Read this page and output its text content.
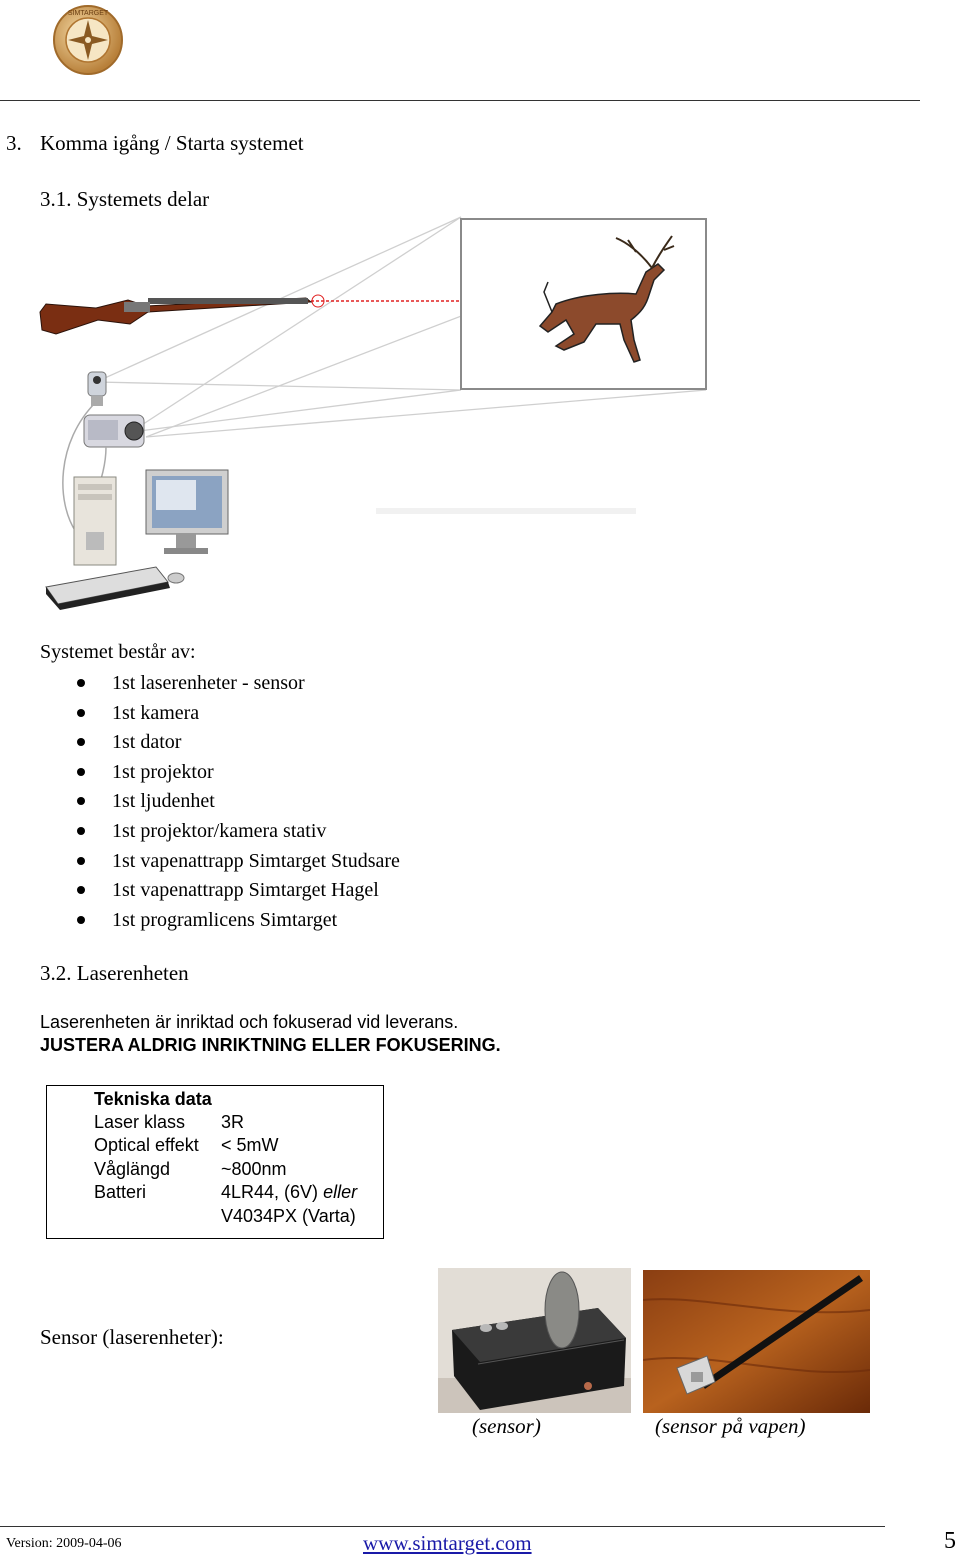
SIMTARGET
3. Komma igång / Starta systemet
3.1. Systemets delar
Systemet består av:
1st laserenheter - sensor
1st kamera
1st dator
1st projektor
1st ljudenhet
1st projektor/kamera stativ
1st vapenattrapp Simtarget Studsare
1st vapenattrapp Simtarget Hagel
1st programlicens Simtarget
3.2. Laserenheten
Laserenheten är inriktad och fokuserad vid leverans.
JUSTERA ALDRIG INRIKTNING ELLER FOKUSERING.
Tekniska data
Laser klass	3R
Optical effekt	< 5mW
Våglängd	~800nm
Batteri	4LR44, (6V) eller
V4034PX (Varta)
Sensor (laserenheter):
(sensor)	(sensor på vapen)
Version: 2009-04-06	www.simtarget.com	5
